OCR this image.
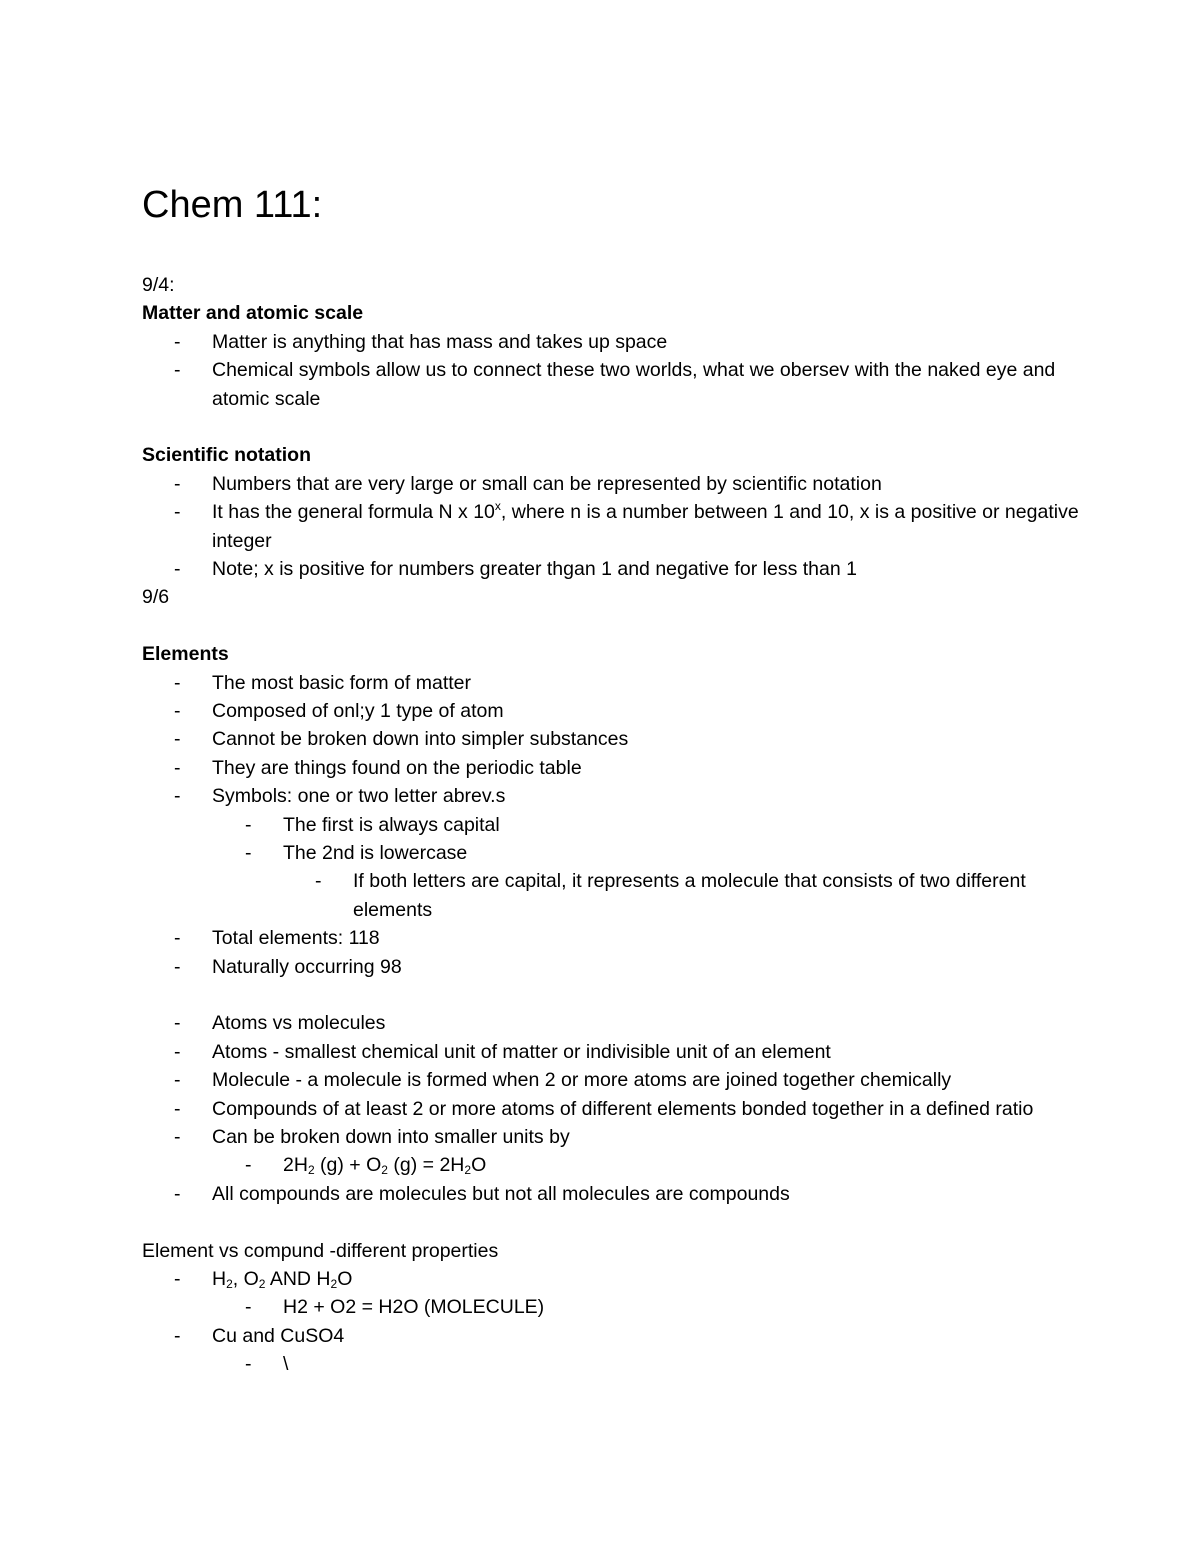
Chem 111:
9/4:
Matter and atomic scale
- Matter is anything that has mass and takes up space
- Chemical symbols allow us to connect these two worlds, what we obersev with the naked eye and atomic scale
Scientific notation
- Numbers that are very large or small can be represented by scientific notation
- It has the general formula N x 10$^x$, where n is a number between 1 and 10, x is a positive or negative integer
- Note; x is positive for numbers greater thgan 1 and negative for less than 1
9/6
Elements
- The most basic form of matter
- Composed of onl;y 1 type of atom
- Cannot be broken down into simpler substances
- They are things found on the periodic table
- Symbols: one or two letter abrev.s
- The first is always capital
- The 2nd is lowercase
- If both letters are capital, it represents a molecule that consists of two different elements
- Total elements: 118
- Naturally occurring 98
- Atoms vs molecules
- Atoms - smallest chemical unit of matter or indivisible unit of an element
- Molecule - a molecule is formed when 2 or more atoms are joined together chemically
- Compounds of at least 2 or more atoms of different elements bonded together in a defined ratio
- Can be broken down into smaller units by
- $2H_2$ $(g) + O_2$ $(g) = 2H_2O$
- All compounds are molecules but not all molecules are compounds
Element vs compund -different properties
- $H_2$, $O_2$ AND $H_2O$
- H2 + O2 = H2O (MOLECULE)
- Cu and CuSO4
- \
